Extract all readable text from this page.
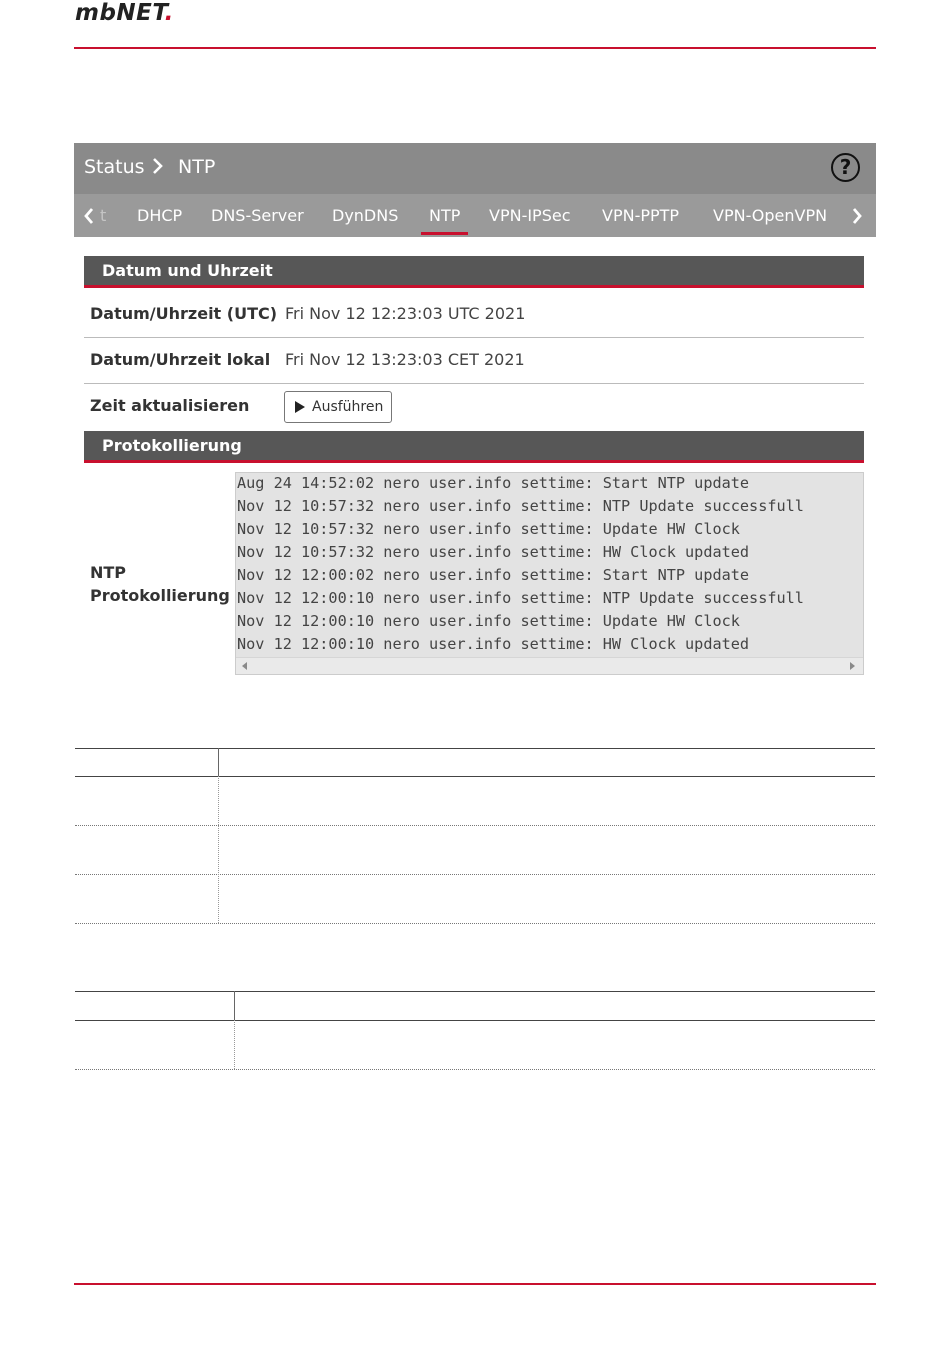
mbNET.
Status NTP	?
t DHCP DNS-Server DynDNS NTP VPN-IPSec VPN-PPTP VPN-OpenVPN
Datum und Uhrzeit
Datum/Uhrzeit (UTC) Fri Nov 12 12:23:03 UTC 2021
Datum/Uhrzeit lokal Fri Nov 12 13:23:03 CET 2021
Zeit aktualisieren	Ausführen
Protokollierung
NTP
Protokollierung
Aug 24 14:52:02 nero user.info settime: Start NTP update
Nov 12 10:57:32 nero user.info settime: NTP Update successfull
Nov 12 10:57:32 nero user.info settime: Update HW Clock
Nov 12 10:57:32 nero user.info settime: HW Clock updated
Nov 12 12:00:02 nero user.info settime: Start NTP update
Nov 12 12:00:10 nero user.info settime: NTP Update successfull
Nov 12 12:00:10 nero user.info settime: Update HW Clock
Nov 12 12:00:10 nero user.info settime: HW Clock updated
